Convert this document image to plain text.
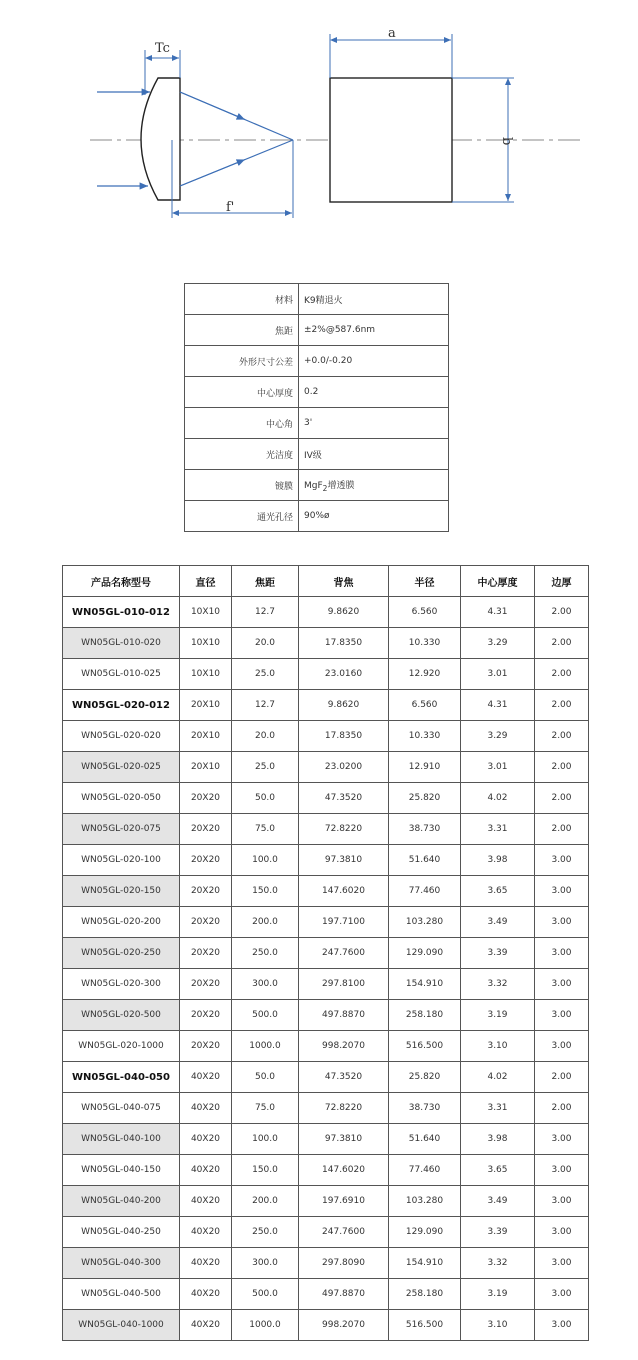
Tc
f'
a
b
材料	K9精退火
焦距	±2%@587.6nm
外形尺寸公差	+0.0/-0.20
中心厚度	0.2
中心角	3'
光洁度	IV级
镀膜	MgF$_2$增透膜
通光孔径	90%ø
产品名称型号	直径	焦距	背焦	半径	中心厚度	边厚
WN05GL-010-012	10X10	12.7	9.8620	6.560	4.31	2.00
WN05GL-010-020	10X10	20.0	17.8350	10.330	3.29	2.00
WN05GL-010-025	10X10	25.0	23.0160	12.920	3.01	2.00
WN05GL-020-012	20X10	12.7	9.8620	6.560	4.31	2.00
WN05GL-020-020	20X10	20.0	17.8350	10.330	3.29	2.00
WN05GL-020-025	20X10	25.0	23.0200	12.910	3.01	2.00
WN05GL-020-050	20X20	50.0	47.3520	25.820	4.02	2.00
WN05GL-020-075	20X20	75.0	72.8220	38.730	3.31	2.00
WN05GL-020-100	20X20	100.0	97.3810	51.640	3.98	3.00
WN05GL-020-150	20X20	150.0	147.6020	77.460	3.65	3.00
WN05GL-020-200	20X20	200.0	197.7100	103.280	3.49	3.00
WN05GL-020-250	20X20	250.0	247.7600	129.090	3.39	3.00
WN05GL-020-300	20X20	300.0	297.8100	154.910	3.32	3.00
WN05GL-020-500	20X20	500.0	497.8870	258.180	3.19	3.00
WN05GL-020-1000	20X20	1000.0	998.2070	516.500	3.10	3.00
WN05GL-040-050	40X20	50.0	47.3520	25.820	4.02	2.00
WN05GL-040-075	40X20	75.0	72.8220	38.730	3.31	2.00
WN05GL-040-100	40X20	100.0	97.3810	51.640	3.98	3.00
WN05GL-040-150	40X20	150.0	147.6020	77.460	3.65	3.00
WN05GL-040-200	40X20	200.0	197.6910	103.280	3.49	3.00
WN05GL-040-250	40X20	250.0	247.7600	129.090	3.39	3.00
WN05GL-040-300	40X20	300.0	297.8090	154.910	3.32	3.00
WN05GL-040-500	40X20	500.0	497.8870	258.180	3.19	3.00
WN05GL-040-1000	40X20	1000.0	998.2070	516.500	3.10	3.00
